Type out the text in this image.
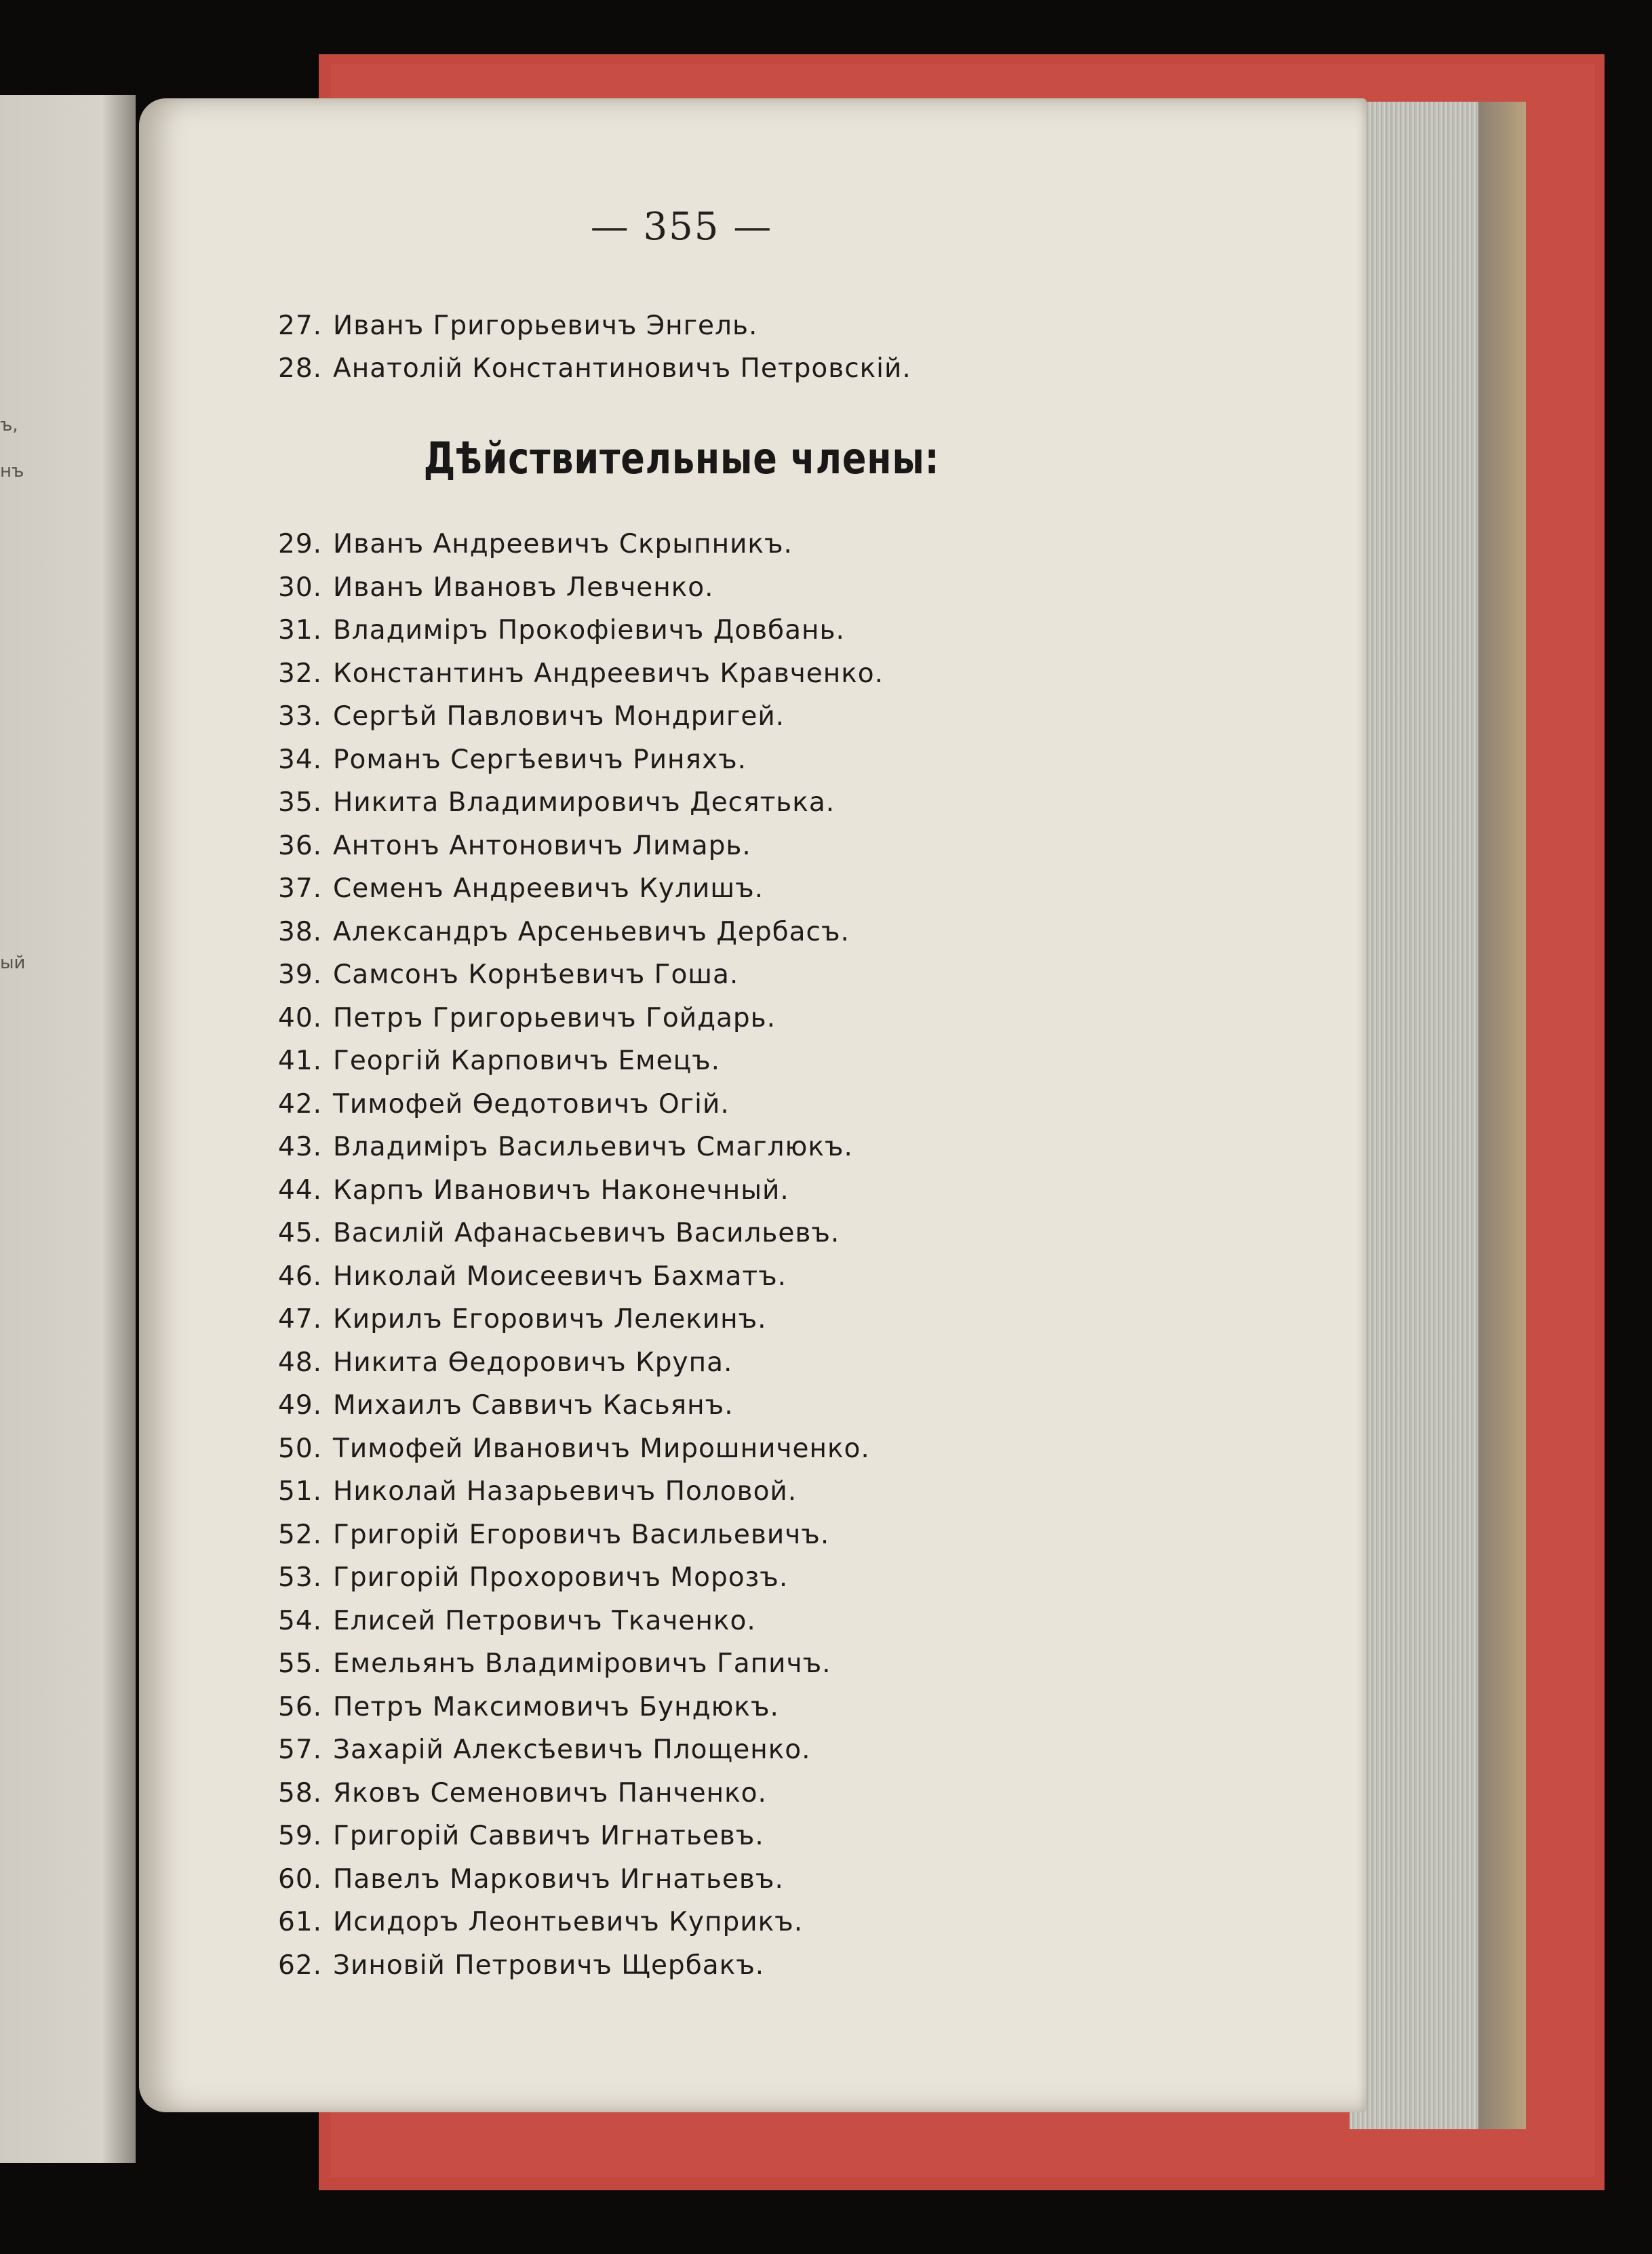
ъ,
нъ
ый

— 355 —
27. Иванъ Григорьевичъ Энгель.
28. Анатолій Константиновичъ Петровскій.
Дѣйствительные члены:
29. Иванъ Андреевичъ Скрыпникъ.
30. Иванъ Ивановъ Левченко.
31. Владиміръ Прокофіевичъ Довбань.
32. Константинъ Андреевичъ Кравченко.
33. Сергѣй Павловичъ Мондригей.
34. Романъ Сергѣевичъ Риняхъ.
35. Никита Владимировичъ Десятька.
36. Антонъ Антоновичъ Лимарь.
37. Семенъ Андреевичъ Кулишъ.
38. Александръ Арсеньевичъ Дербасъ.
39. Самсонъ Корнѣевичъ Гоша.
40. Петръ Григорьевичъ Гойдарь.
41. Георгій Карповичъ Емецъ.
42. Тимофей Өедотовичъ Огій.
43. Владиміръ Васильевичъ Смаглюкъ.
44. Карпъ Ивановичъ Наконечный.
45. Василій Афанасьевичъ Васильевъ.
46. Николай Моисеевичъ Бахматъ.
47. Кирилъ Егоровичъ Лелекинъ.
48. Никита Өедоровичъ Крупа.
49. Михаилъ Саввичъ Касьянъ.
50. Тимофей Ивановичъ Мирошниченко.
51. Николай Назарьевичъ Половой.
52. Григорій Егоровичъ Васильевичъ.
53. Григорій Прохоровичъ Морозъ.
54. Елисей Петровичъ Ткаченко.
55. Емельянъ Владиміровичъ Гапичъ.
56. Петръ Максимовичъ Бундюкъ.
57. Захарій Алексѣевичъ Площенко.
58. Яковъ Семеновичъ Панченко.
59. Григорій Саввичъ Игнатьевъ.
60. Павелъ Марковичъ Игнатьевъ.
61. Исидоръ Леонтьевичъ Куприкъ.
62. Зиновій Петровичъ Щербакъ.
